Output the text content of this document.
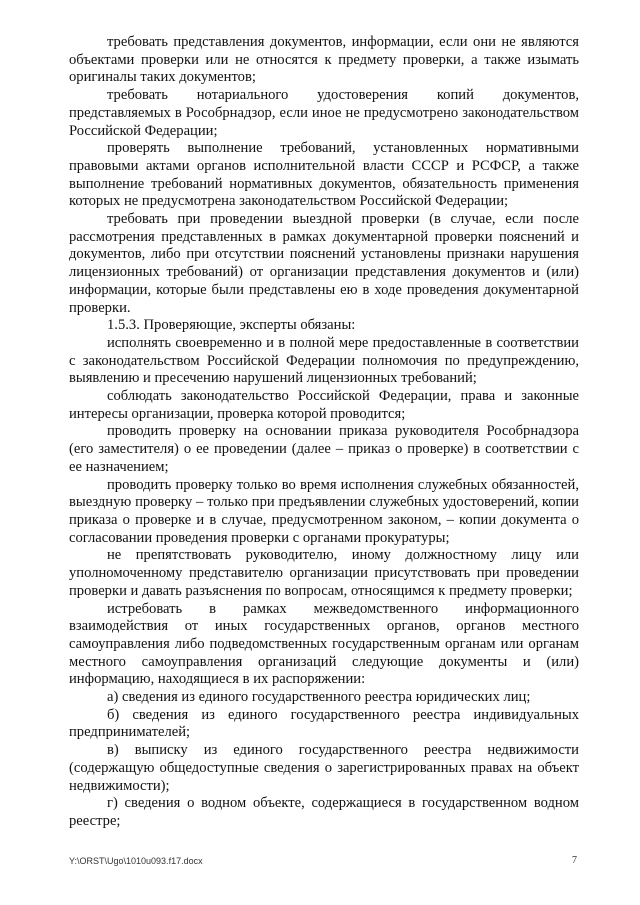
требовать представления документов, информации, если они не являются объектами проверки или не относятся к предмету проверки, а также изымать оригиналы таких документов;

требовать нотариального удостоверения копий документов, представляемых в Рособрнадзор, если иное не предусмотрено законодательством Российской Федерации;

проверять выполнение требований, установленных нормативными правовыми актами органов исполнительной власти СССР и РСФСР, а также выполнение требований нормативных документов, обязательность применения которых не предусмотрена законодательством Российской Федерации;

требовать при проведении выездной проверки (в случае, если после рассмотрения представленных в рамках документарной проверки пояснений и документов, либо при отсутствии пояснений установлены признаки нарушения лицензионных требований) от организации представления документов и (или) информации, которые были представлены ею в ходе проведения документарной проверки.

1.5.3. Проверяющие, эксперты обязаны:

исполнять своевременно и в полной мере предоставленные в соответствии с законодательством Российской Федерации полномочия по предупреждению, выявлению и пресечению нарушений лицензионных требований;

соблюдать законодательство Российской Федерации, права и законные интересы организации, проверка которой проводится;

проводить проверку на основании приказа руководителя Рособрнадзора (его заместителя) о ее проведении (далее – приказ о проверке) в соответствии с ее назначением;

проводить проверку только во время исполнения служебных обязанностей, выездную проверку – только при предъявлении служебных удостоверений, копии приказа о проверке и в случае, предусмотренном законом, – копии документа о согласовании проведения проверки с органами прокуратуры;

не препятствовать руководителю, иному должностному лицу или уполномоченному представителю организации присутствовать при проведении проверки и давать разъяснения по вопросам, относящимся к предмету проверки;

истребовать в рамках межведомственного информационного взаимодействия от иных государственных органов, органов местного самоуправления либо подведомственных государственным органам или органам местного самоуправления организаций следующие документы и (или) информацию, находящиеся в их распоряжении:

а) сведения из единого государственного реестра юридических лиц;

б) сведения из единого государственного реестра индивидуальных предпринимателей;

в) выписку из единого государственного реестра недвижимости (содержащую общедоступные сведения о зарегистрированных правах на объект недвижимости);

г) сведения о водном объекте, содержащиеся в государственном водном реестре;

Y:\ORST\Ugo\1010u093.f17.docx	7
